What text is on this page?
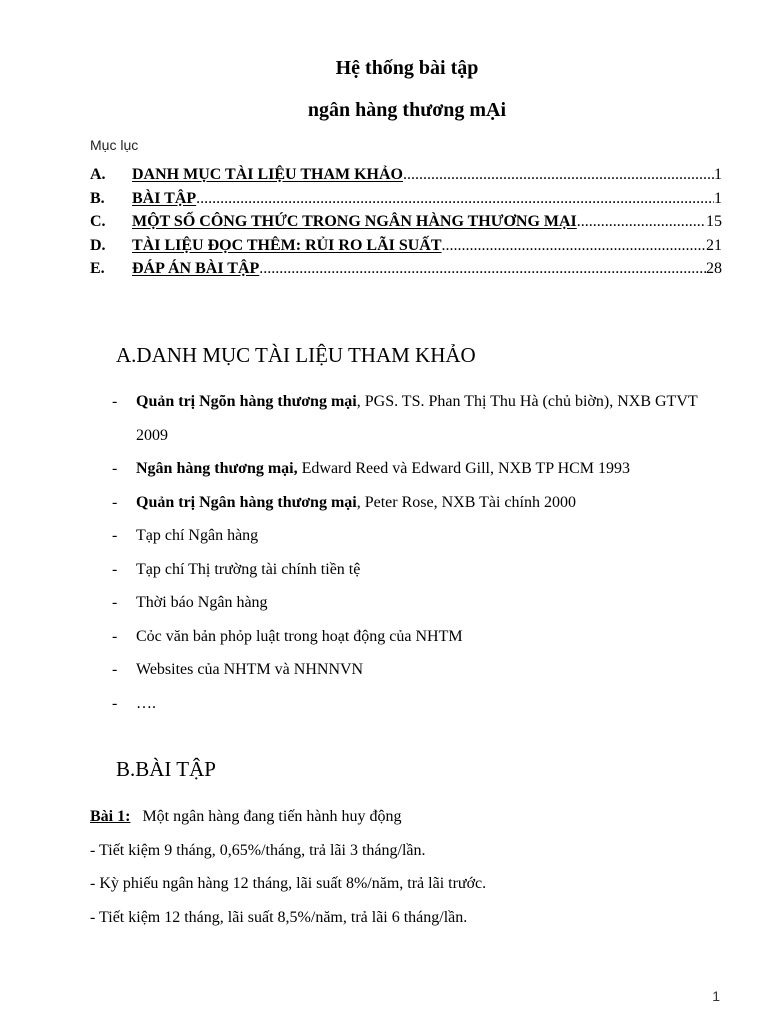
Hệ thống bài tập
ngân hàng thương mẠi
Mục lục
A.	DANH MỤC TÀI LIỆU THAM KHẢO .....	1
B.	BÀI TẬP .....	1
C.	MỘT SỐ CÔNG THỨC TRONG NGÂN HÀNG THƯƠNG MẠI .....	15
D.	TÀI LIỆU ĐỌC THÊM: RỦI RO LÃI SUẤT .....	21
E.	ĐÁP ÁN BÀI TẬP .....	28
A.DANH MỤC TÀI LIỆU THAM KHẢO
- Quản trị Ngõn hàng thương mại, PGS. TS. Phan Thị Thu Hà (chủ biờn), NXB GTVT 2009
- Ngân hàng thương mại, Edward Reed và Edward Gill, NXB TP HCM 1993
- Quản trị Ngân hàng thương mại, Peter Rose, NXB Tài chính 2000
- Tạp chí Ngân hàng
- Tạp chí Thị trường tài chính tiền tệ
- Thời báo Ngân hàng
- Cỏc văn bản phỏp luật trong hoạt động của NHTM
- Websites của NHTM và NHNNVN
- ….
B.BÀI TẬP
Bài 1: Một ngân hàng đang tiến hành huy động
- Tiết kiệm 9 tháng, 0,65%/tháng, trả lãi 3 tháng/lần.
- Kỳ phiếu ngân hàng 12 tháng, lãi suất 8%/năm, trả lãi trước.
- Tiết kiệm 12 tháng, lãi suất 8,5%/năm, trả lãi 6 tháng/lần.
1
